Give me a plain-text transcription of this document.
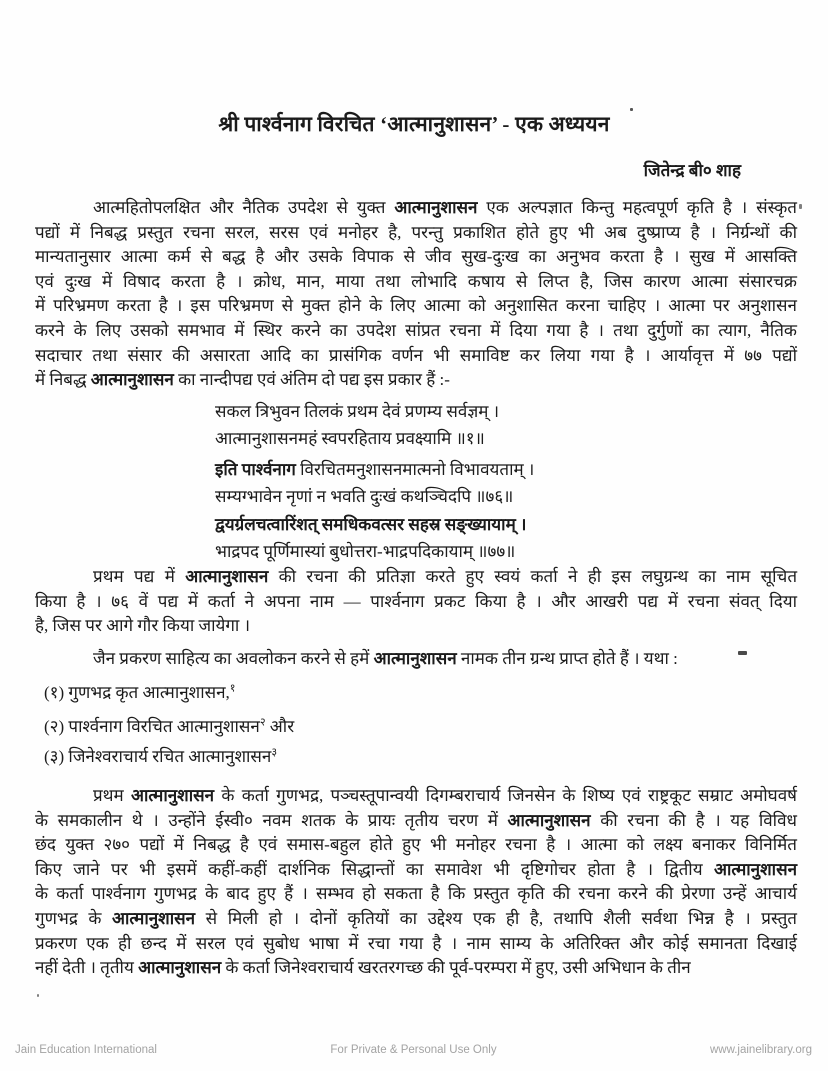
श्री पार्श्वनाग विरचित ‘आत्मानुशासन’ - एक अध्ययन
जितेन्द्र बी० शाह
आत्महितोपलक्षित और नैतिक उपदेश से युक्त आत्मानुशासन एक अल्पज्ञात किन्तु महत्वपूर्ण कृति है । संस्कृत
पद्यों में निबद्ध प्रस्तुत रचना सरल, सरस एवं मनोहर है, परन्तु प्रकाशित होते हुए भी अब दुष्प्राप्य है । निर्ग्रन्थों की
मान्यतानुसार आत्मा कर्म से बद्ध है और उसके विपाक से जीव सुख-दुःख का अनुभव करता है । सुख में आसक्ति
एवं दुःख में विषाद करता है । क्रोध, मान, माया तथा लोभादि कषाय से लिप्त है, जिस कारण आत्मा संसारचक्र
में परिभ्रमण करता है । इस परिभ्रमण से मुक्त होने के लिए आत्मा को अनुशासित करना चाहिए । आत्मा पर अनुशासन
करने के लिए उसको समभाव में स्थिर करने का उपदेश सांप्रत रचना में दिया गया है । तथा दुर्गुणों का त्याग, नैतिक
सदाचार तथा संसार की असारता आदि का प्रासंगिक वर्णन भी समाविष्ट कर लिया गया है । आर्यावृत्त में ७७ पद्यों
में निबद्ध आत्मानुशासन का नान्दीपद्य एवं अंतिम दो पद्य इस प्रकार हैं :-
सकल त्रिभुवन तिलकं प्रथम देवं प्रणम्य सर्वज्ञम् ।
आत्मानुशासनमहं स्वपरहिताय प्रवक्ष्यामि ॥१॥
इति पार्श्वनाग विरचितमनुशासनमात्मनो विभावयताम् ।
सम्यग्भावेन नृणां न भवति दुःखं कथञ्चिदपि ॥७६॥
द्वयर्ग्रलचत्वारिंशत् समधिकवत्सर सहस्र सङ्ख्यायाम् ।
भाद्रपद पूर्णिमास्यां बुधोत्तरा-भाद्रपदिकायाम् ॥७७॥
प्रथम पद्य में आत्मानुशासन की रचना की प्रतिज्ञा करते हुए स्वयं कर्ता ने ही इस लघुग्रन्थ का नाम सूचित
किया है । ७६ वें पद्य में कर्ता ने अपना नाम — पार्श्वनाग प्रकट किया है । और आखरी पद्य में रचना संवत् दिया
है, जिस पर आगे गौर किया जायेगा ।
जैन प्रकरण साहित्य का अवलोकन करने से हमें आत्मानुशासन नामक तीन ग्रन्थ प्राप्त होते हैं । यथा :
(१) गुणभद्र कृत आत्मानुशासन,$^१$
(२) पार्श्वनाग विरचित आत्मानुशासन$^२$ और
(३) जिनेश्वराचार्य रचित आत्मानुशासन$^३$
प्रथम आत्मानुशासन के कर्ता गुणभद्र, पञ्चस्तूपान्वयी दिगम्बराचार्य जिनसेन के शिष्य एवं राष्ट्रकूट सम्राट अमोघवर्ष
के समकालीन थे । उन्होंने ईस्वी० नवम शतक के प्रायः तृतीय चरण में आत्मानुशासन की रचना की है । यह विविध
छंद युक्त २७० पद्यों में निबद्ध है एवं समास-बहुल होते हुए भी मनोहर रचना है । आत्मा को लक्ष्य बनाकर विनिर्मित
किए जाने पर भी इसमें कहीं-कहीं दार्शनिक सिद्धान्तों का समावेश भी दृष्टिगोचर होता है । द्वितीय आत्मानुशासन
के कर्ता पार्श्वनाग गुणभद्र के बाद हुए हैं । सम्भव हो सकता है कि प्रस्तुत कृति की रचना करने की प्रेरणा उन्हें आचार्य
गुणभद्र के आत्मानुशासन से मिली हो । दोनों कृतियों का उद्देश्य एक ही है, तथापि शैली सर्वथा भिन्न है । प्रस्तुत
प्रकरण एक ही छन्द में सरल एवं सुबोध भाषा में रचा गया है । नाम साम्य के अतिरिक्त और कोई समानता दिखाई
नहीं देती । तृतीय आत्मानुशासन के कर्ता जिनेश्वराचार्य खरतरगच्छ की पूर्व-परम्परा में हुए, उसी अभिधान के तीन
For Private & Personal Use Only
Jain Education International	www.jainelibrary.org
